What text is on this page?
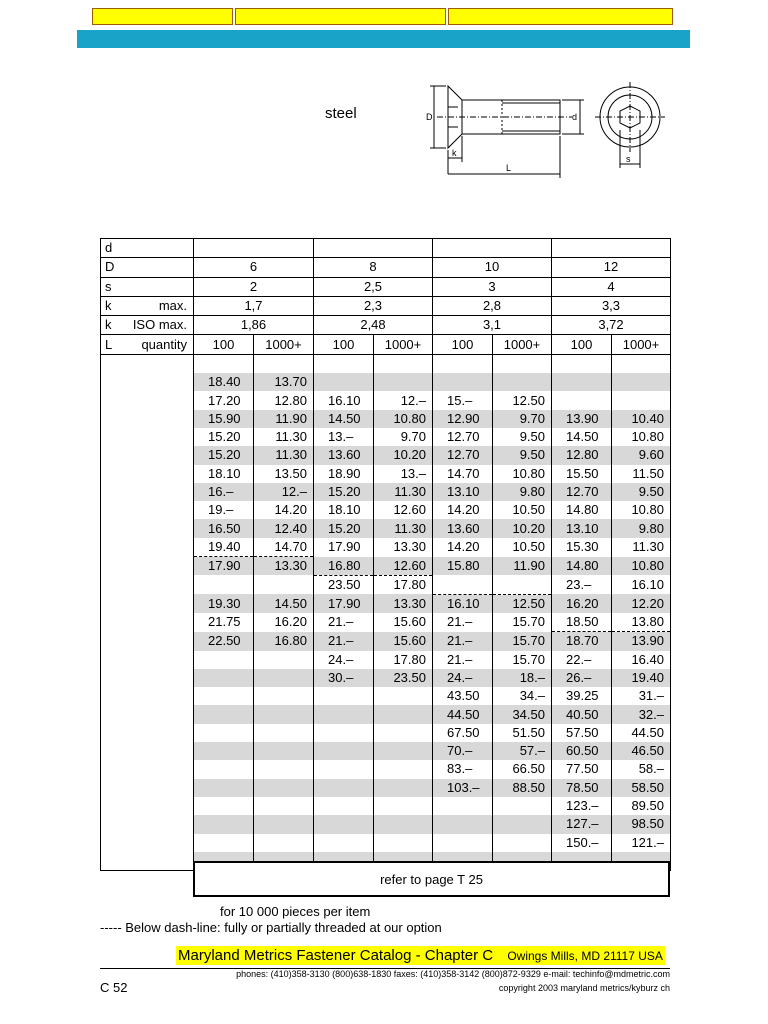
steel	D	d
k
L
s
d								

D	6		8		10		12	

s	2		2,5		3		4	

k max.	1,7		2,3		2,8		3,3	

k ISO max.	1,86		2,48		3,1		3,72	

L quantity	100	1000+	100	1000+	100	1000+	100	1000+

	18.40	13.70						
	17.20	12.80	16.10	12.–	15.–	12.50		
	15.90	11.90	14.50	10.80	12.90	9.70	13.90	10.40
	15.20	11.30	13.–	9.70	12.70	9.50	14.50	10.80
	15.20	11.30	13.60	10.20	12.70	9.50	12.80	9.60
	18.10	13.50	18.90	13.–	14.70	10.80	15.50	11.50
	16.–	12.–	15.20	11.30	13.10	9.80	12.70	9.50
	19.–	14.20	18.10	12.60	14.20	10.50	14.80	10.80
	16.50	12.40	15.20	11.30	13.60	10.20	13.10	9.80
	19.40	14.70	17.90	13.30	14.20	10.50	15.30	11.30
	17.90	13.30	16.80	12.60	15.80	11.90	14.80	10.80
			23.50	17.80			23.–	16.10
	19.30	14.50	17.90	13.30	16.10	12.50	16.20	12.20
	21.75	16.20	21.–	15.60	21.–	15.70	18.50	13.80
	22.50	16.80	21.–	15.60	21.–	15.70	18.70	13.90
			24.–	17.80	21.–	15.70	22.–	16.40
			30.–	23.50	24.–	18.–	26.–	19.40
					43.50	34.–	39.25	31.–
					44.50	34.50	40.50	32.–
					67.50	51.50	57.50	44.50
					70.–	57.–	60.50	46.50
					83.–	66.50	77.50	58.–
					103.–	88.50	78.50	58.50
							123.–	89.50
							127.–	98.50
							150.–	121.–

refer to page T 25
for 10 000 pieces per item
----- Below dash-line: fully or partially threaded at our option
Maryland Metrics Fastener Catalog - Chapter C Owings Mills, MD 21117 USA
phones: (410)358-3130 (800)638-1830 faxes: (410)358-3142 (800)872-9329 e-mail: techinfo@mdmetric.com
copyright 2003 maryland metrics/kyburz ch
C 52
